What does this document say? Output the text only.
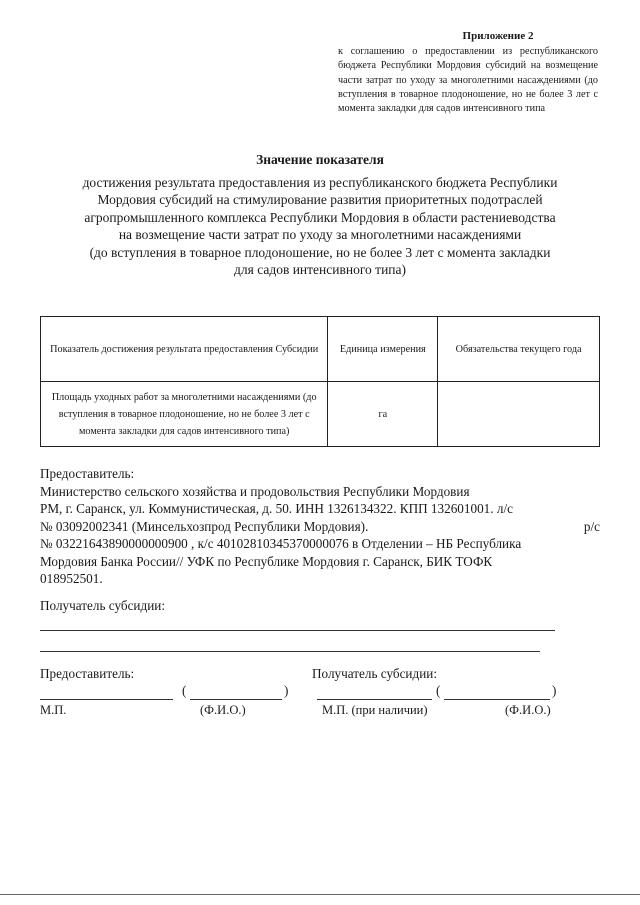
Приложение 2
к соглашению о предоставлении из республиканского бюджета Республики Мордовия субсидий на возмещение части затрат по уходу за многолетними насаждениями (до вступления в товарное плодоношение, но не более 3 лет с момента закладки для садов интенсивного типа
Значение показателя
достижения результата предоставления из республиканского бюджета Республики
Мордовия субсидий на стимулирование развития приоритетных подотраслей
агропромышленного комплекса Республики Мордовия в области растениеводства
на возмещение части затрат по уходу за многолетними насаждениями
(до вступления в товарное плодоношение, но не более 3 лет с момента закладки
для садов интенсивного типа)
Показатель достижения результата предоставления Субсидии	Единица измерения	Обязательства текущего года
Площадь уходных работ за многолетними насаждениями (до вступления в товарное плодоношение, но не более 3 лет с момента закладки для садов интенсивного типа)	га	
Предоставитель:
Министерство сельского хозяйства и продовольствия Республики Мордовия
РМ, г. Саранск, ул. Коммунистическая, д. 50. ИНН 1326134322. КПП 132601001. л/с
№ 03092002341 (Минсельхозпрод Республики Мордовия).	р/с
№ 03221643890000000900 , к/с 40102810345370000076 в Отделении – НБ Республика
Мордовия Банка России// УФК по Республике Мордовия г. Саранск, БИК ТОФК
018952501.
Получатель субсидии:
Предоставитель:	Получатель субсидии:
(	)	(	)
М.П.	(Ф.И.О.)	М.П. (при наличии)	(Ф.И.О.)
